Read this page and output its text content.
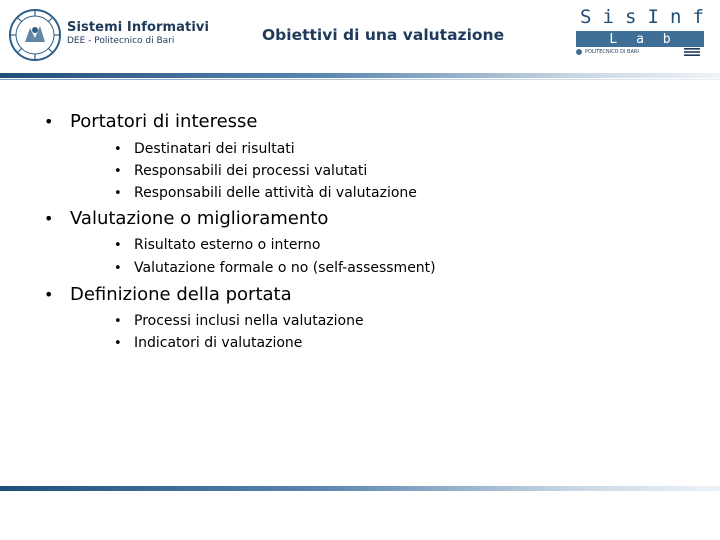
Sistemi Informativi
DEE - Politecnico di Bari	Obiettivi di una valutazione
S i s I n f
L a b
POLITECNICO DI BARI
• Portatori di interesse
• Destinatari dei risultati
• Responsabili dei processi valutati
• Responsabili delle attività di valutazione
• Valutazione o miglioramento
• Risultato esterno o interno
• Valutazione formale o no (self-assessment)
• Definizione della portata
• Processi inclusi nella valutazione
• Indicatori di valutazione
